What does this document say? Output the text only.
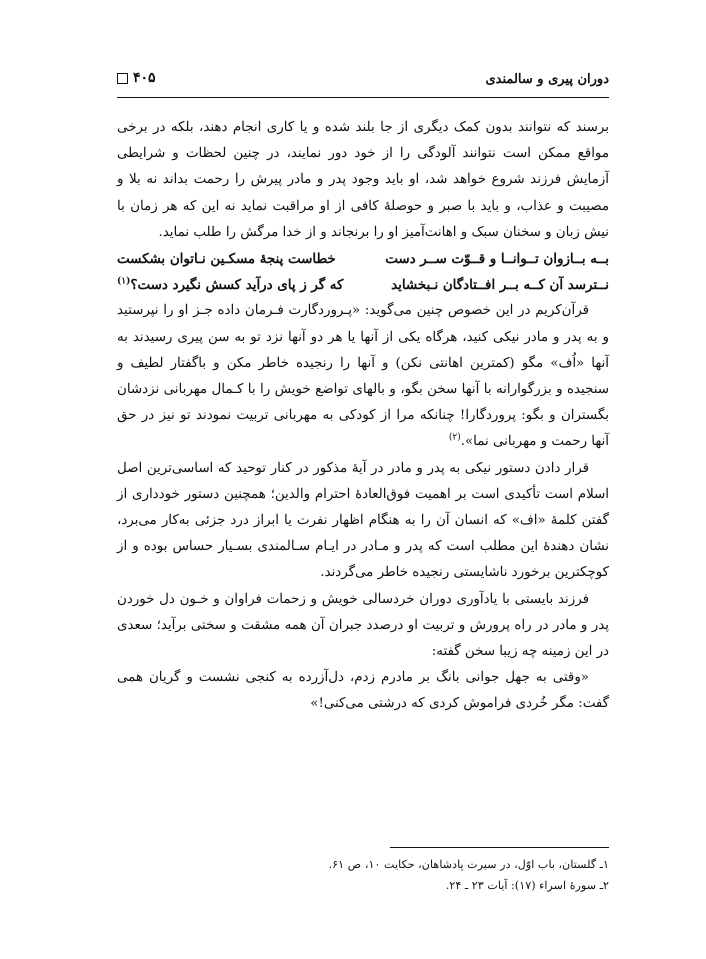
دوران پیری و سالمندی
۴۰۵

برسند که نتوانند بدون کمک دیگری از جا بلند شده و یا کاری انجام دهند، بلکه در برخی مواقع ممکن است نتوانند آلودگی را از خود دور نمایند، در چنین لحظات و شرایطی آزمایش فرزند شروع خواهد شد، او باید وجود پدر و مادر پیرش را رحمت بداند نه بلا و مصیبت و عذاب، و باید با صبر و حوصلهٔ کافی از او مراقبت نماید نه این که هر زمان با نیش زبان و سخنان سبک و اهانت‌آمیز او را برنجاند و از خدا مرگش را طلب نماید.

بــه بــازوان تــوانــا و قــوّت ســر دست
خطاست پنجهٔ مسکـین نـاتوان بشکست
نــترسد آن کــه بــر افــتادگان نـبخشاید
که گر ز پای درآید کسش نگیرد دست؟$^{(۱)}$

قرآن‌کریم در این خصوص چنین می‌گوید: «پـروردگارت فـرمان داده جـز او را نپرستید و به پدر و مادر نیکی کنید، هرگاه یکی از آنها یا هر دو آنها نزد تو به سن پیری رسیدند به آنها «اُف» مگو (کمترین اهانتی نکن) و آنها را رنجیده خاطر مکن و باگفتار لطیف و سنجیده و بزرگوارانه با آنها سخن بگو، و بالهای تواضع خویش را با کـمال مهربانی نزدشان بگستران و بگو: پروردگارا! چنانکه مرا از کودکی به مهربانی تربیت نمودند تو نیز در حق آنها رحمت و مهربانی نما».$^{(۲)}$

قرار دادن دستور نیکی به پدر و مادر در آیهٔ مذکور در کنار توحید که اساسی‌ترین اصل اسلام است تأکیدی است بر اهمیت فوق‌العادهٔ احترام والدین؛ همچنین دستور خودداری از گفتن کلمهٔ «اف» که انسان آن را به هنگام اظهار نفرت یا ابراز درد جزئی به‌کار می‌برد، نشان دهندهٔ این مطلب است که پدر و مـادر در ایـام سـالمندی بسـیار حساس بوده و از کوچکترین برخورد ناشایستی رنجیده خاطر می‌گردند.

فرزند بایستی با یادآوری دوران خردسالی خویش و زحمات فراوان و خـون دل خوردن پدر و مادر در راه پرورش و تربیت او درصدد جبران آن همه مشقت و سختی برآید؛ سعدی در این زمینه چه زیبا سخن گفته:

«وقتی به جهل جوانی بانگ بر مادرم زدم، دل‌آزرده به کنجی نشست و گریان همی گفت: مگر خُردی فراموش کردی که درشتی می‌کنی!»

۱ـ گلستان، باب اوّل، در سیرت پادشاهان، حکایت ۱۰، ص ۶۱.
۲ـ سورهٔ اسراء (۱۷): آیات ۲۳ ـ ۲۴.
